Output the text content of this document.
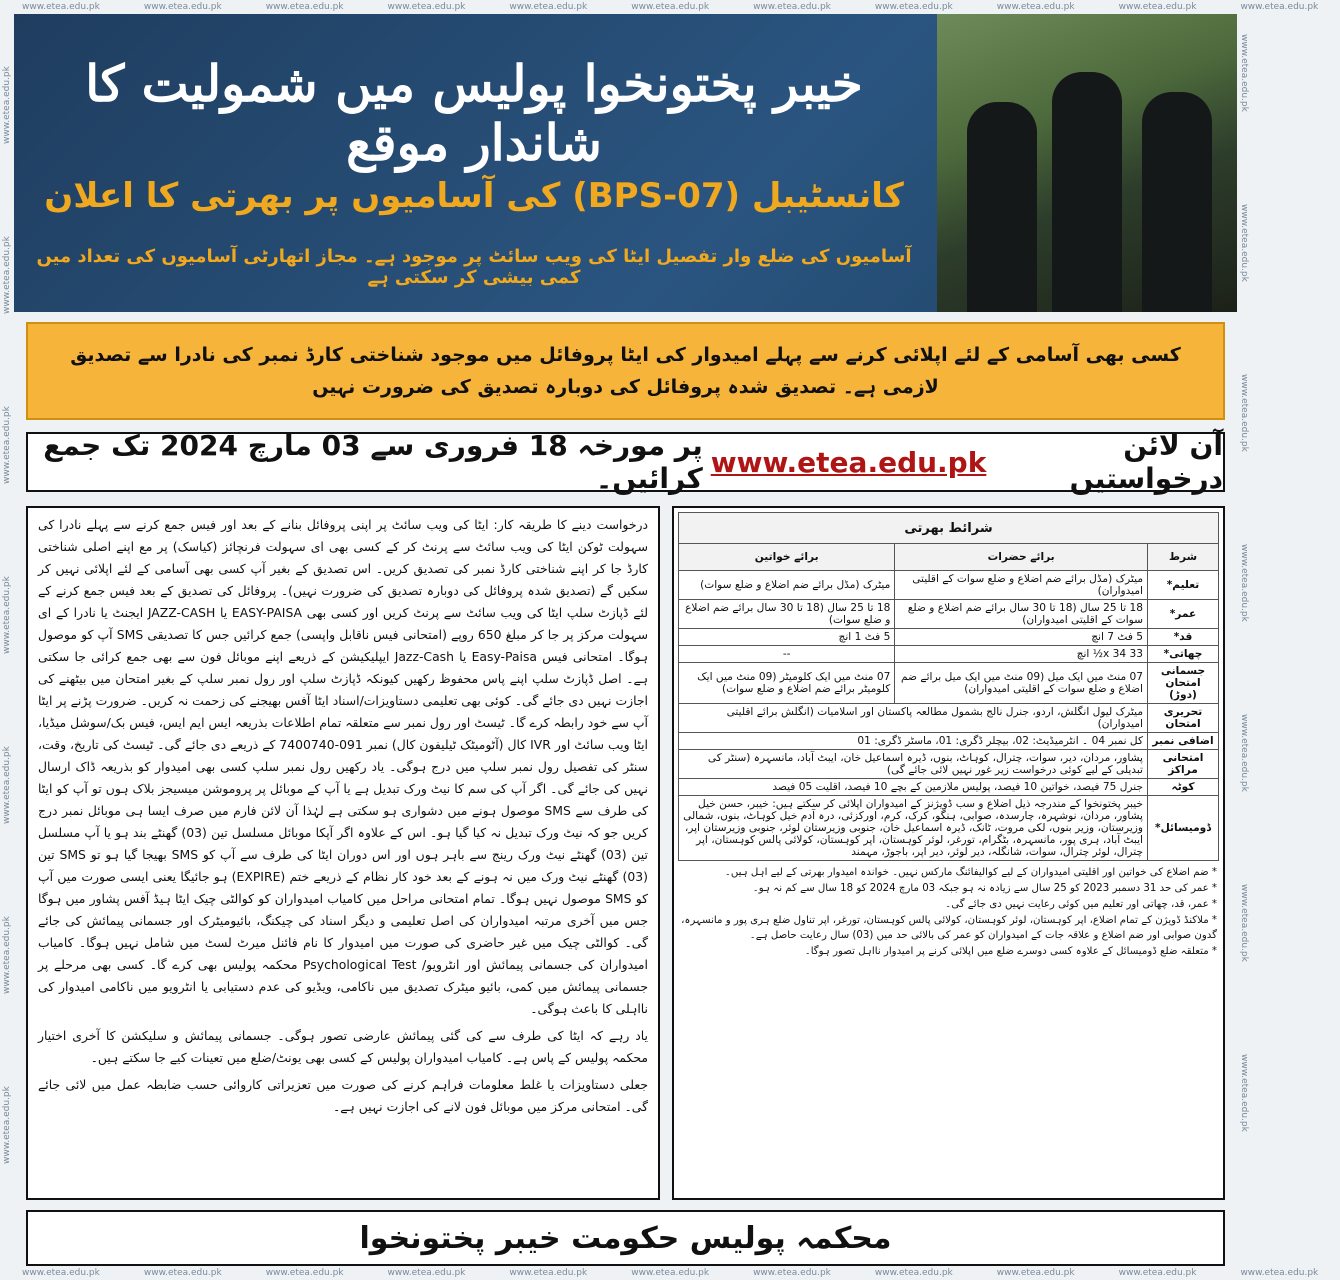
www.etea.edu.pk	www.etea.edu.pk	www.etea.edu.pk	www.etea.edu.pk	www.etea.edu.pk	www.etea.edu.pk	www.etea.edu.pk	www.etea.edu.pk	www.etea.edu.pk	www.etea.edu.pk	www.etea.edu.pk
www.etea.edu.pk	www.etea.edu.pk	www.etea.edu.pk	www.etea.edu.pk	www.etea.edu.pk	www.etea.edu.pk	www.etea.edu.pk	www.etea.edu.pk	www.etea.edu.pk	www.etea.edu.pk	www.etea.edu.pk
www.etea.edu.pk
www.etea.edu.pk
www.etea.edu.pk
www.etea.edu.pk
www.etea.edu.pk
www.etea.edu.pk
www.etea.edu.pk
www.etea.edu.pk
www.etea.edu.pk
www.etea.edu.pk
www.etea.edu.pk
www.etea.edu.pk
www.etea.edu.pk
www.etea.edu.pk
خیبر پختونخوا پولیس میں شمولیت کا شاندار موقع
کانسٹیبل (BPS-07) کی آسامیوں پر بھرتی کا اعلان
آسامیوں کی ضلع وار تفصیل ایٹا کی ویب سائٹ پر موجود ہے۔ مجاز اتھارٹی آسامیوں کی تعداد میں کمی بیشی کر سکتی ہے

کسی بھی آسامی کے لئے اپلائی کرنے سے پہلے امیدوار کی ایٹا پروفائل میں موجود شناختی کارڈ نمبر کی نادرا سے تصدیق لازمی ہے۔ تصدیق شدہ پروفائل کی دوبارہ تصدیق کی ضرورت نہیں

آن لائن درخواستیں
www.etea.edu.pk
پر مورخہ 18 فروری سے 03 مارچ 2024 تک جمع کرائیں۔

درخواست دینے کا طریقہ کار: ایٹا کی ویب سائٹ پر اپنی پروفائل بنانے کے بعد اور فیس جمع کرنے سے پہلے نادرا کی سہولت ٹوکن ایٹا کی ویب سائٹ سے پرنٹ کر کے کسی بھی ای سہولت فرنچائز (کیاسک) پر مع اپنے اصلی شناختی کارڈ جا کر اپنے شناختی کارڈ نمبر کی تصدیق کریں۔ اس تصدیق کے بغیر آپ کسی بھی آسامی کے لئے اپلائی نہیں کر سکیں گے (تصدیق شدہ پروفائل کی دوبارہ تصدیق کی ضرورت نہیں)۔ پروفائل کی تصدیق کے بعد فیس جمع کرنے کے لئے ڈپازٹ سلپ ایٹا کی ویب سائٹ سے پرنٹ کریں اور کسی بھی EASY-PAISA یا JAZZ-CASH ایجنٹ یا نادرا کے ای سہولت مرکز پر جا کر مبلغ 650 روپے (امتحانی فیس ناقابل واپسی) جمع کرائیں جس کا تصدیقی SMS آپ کو موصول ہوگا۔ امتحانی فیس Easy-Paisa یا Jazz-Cash ایپلیکیشن کے ذریعے اپنے موبائل فون سے بھی جمع کرائی جا سکتی ہے۔ اصل ڈپازٹ سلپ اپنے پاس محفوظ رکھیں کیونکہ ڈپازٹ سلپ اور رول نمبر سلپ کے بغیر امتحان میں بیٹھنے کی اجازت نہیں دی جائے گی۔ کوئی بھی تعلیمی دستاویزات/اسناد ایٹا آفس بھیجنے کی زحمت نہ کریں۔ ضرورت پڑنے پر ایٹا آپ سے خود رابطہ کرے گا۔ ٹیسٹ اور رول نمبر سے متعلقہ تمام اطلاعات بذریعہ ایس ایم ایس، فیس بک/سوشل میڈیا، ایٹا ویب سائٹ اور IVR کال (آٹومیٹک ٹیلیفون کال) نمبر 091-7400740 کے ذریعے دی جائے گی۔ ٹیسٹ کی تاریخ، وقت، سنٹر کی تفصیل رول نمبر سلپ میں درج ہوگی۔ یاد رکھیں رول نمبر سلپ کسی بھی امیدوار کو بذریعہ ڈاک ارسال نہیں کی جائے گی۔ اگر آپ کی سم کا نیٹ ورک تبدیل ہے یا آپ کے موبائل پر پروموشن میسیجز بلاک ہوں تو آپ کو ایٹا کی طرف سے SMS موصول ہونے میں دشواری ہو سکتی ہے لہٰذا آن لائن فارم میں صرف ایسا ہی موبائل نمبر درج کریں جو کہ نیٹ ورک تبدیل نہ کیا گیا ہو۔ اس کے علاوہ اگر آپکا موبائل مسلسل تین (03) گھنٹے بند ہو یا آپ مسلسل تین (03) گھنٹے نیٹ ورک رینج سے باہر ہوں اور اس دوران ایٹا کی طرف سے آپ کو SMS بھیجا گیا ہو تو SMS تین (03) گھنٹے نیٹ ورک میں نہ ہونے کے بعد خود کار نظام کے ذریعے ختم (EXPIRE) ہو جائیگا یعنی ایسی صورت میں آپ کو SMS موصول نہیں ہوگا۔ تمام امتحانی مراحل میں کامیاب امیدواران کو کوالٹی چیک ایٹا ہیڈ آفس پشاور میں ہوگا جس میں آخری مرتبہ امیدواران کی اصل تعلیمی و دیگر اسناد کی چیکنگ، بائیومیٹرک اور جسمانی پیمائش کی جائے گی۔ کوالٹی چیک میں غیر حاضری کی صورت میں امیدوار کا نام فائنل میرٹ لسٹ میں شامل نہیں ہوگا۔ کامیاب امیدواران کی جسمانی پیمائش اور انٹرویو/ Psychological Test محکمہ پولیس بھی کرے گا۔ کسی بھی مرحلے پر جسمانی پیمائش میں کمی، بائیو میٹرک تصدیق میں ناکامی، ویڈیو کی عدم دستیابی یا انٹرویو میں ناکامی امیدوار کی نااہلی کا باعث ہوگی۔

یاد رہے کہ ایٹا کی طرف سے کی گئی پیمائش عارضی تصور ہوگی۔ جسمانی پیمائش و سلیکشن کا آخری اختیار محکمہ پولیس کے پاس ہے۔ کامیاب امیدواران پولیس کے کسی بھی یونٹ/ضلع میں تعینات کیے جا سکتے ہیں۔

جعلی دستاویزات یا غلط معلومات فراہم کرنے کی صورت میں تعزیراتی کاروائی حسب ضابطہ عمل میں لائی جائے گی۔ امتحانی مرکز میں موبائل فون لانے کی اجازت نہیں ہے۔

شرائط بھرتی		
شرط	برائے حضرات	برائے خواتین
تعلیم*	میٹرک (مڈل برائے ضم اضلاع و ضلع سوات کے اقلیتی امیدواران)	میٹرک (مڈل برائے ضم اضلاع و ضلع سوات)
عمر*	18 تا 25 سال (18 تا 30 سال برائے ضم اضلاع و ضلع سوات کے اقلیتی امیدواران)	18 تا 25 سال (18 تا 30 سال برائے ضم اضلاع و ضلع سوات)
قد*	5 فٹ 7 انچ	5 فٹ 1 انچ
چھاتی*	33 x 34½ انچ	--
جسمانی امتحان (دوڑ)	07 منٹ میں ایک میل (09 منٹ میں ایک میل برائے ضم اضلاع و ضلع سوات کے اقلیتی امیدواران)	07 منٹ میں ایک کلومیٹر (09 منٹ میں ایک کلومیٹر برائے ضم اضلاع و ضلع سوات)
تحریری امتحان	میٹرک لیول انگلش، اردو، جنرل نالج بشمول مطالعہ پاکستان اور اسلامیات (انگلش برائے اقلیتی امیدواران)	
اضافی نمبر	کل نمبر 04 ۔ انٹرمیڈیٹ: 02، بیچلر ڈگری: 01، ماسٹر ڈگری: 01	
امتحانی مراکز	پشاور، مردان، دیر، سوات، چترال، کوہاٹ، بنوں، ڈیرہ اسماعیل خان، ایبٹ آباد، مانسہرہ (سنٹر کی تبدیلی کے لیے کوئی درخواست زیر غور نہیں لائی جائے گی)	
کوٹہ	جنرل 75 فیصد، خواتین 10 فیصد، پولیس ملازمین کے بچے 10 فیصد، اقلیت 05 فیصد	
ڈومیسائل*	خیبر پختونخوا کے مندرجہ ذیل اضلاع و سب ڈویژنز کے امیدواران اپلائی کر سکتے ہیں: خیبر، حسن خیل پشاور، مردان، نوشہرہ، چارسدہ، صوابی، ہنگو، کرک، کرم، اورکزئی، درہ آدم خیل کوہاٹ، بنوں، شمالی وزیرستان، وزیر بنوں، لکی مروت، ٹانک، ڈیرہ اسماعیل خان، جنوبی وزیرستان لوئر، جنوبی وزیرستان اپر، ایبٹ آباد، ہری پور، مانسہرہ، بٹگرام، تورغر، لوئر کوہستان، اپر کوہستان، کولائی پالس کوہستان، اپر چترال، لوئر چترال، سوات، شانگلہ، دیر لوئر، دیر اپر، باجوڑ، مہمند	
* ضم اضلاع کی خواتین اور اقلیتی امیدواران کے لیے کوالیفائنگ مارکس نہیں۔ خواندہ امیدوار بھرتی کے لیے اہل ہیں۔
* عمر کی حد 31 دسمبر 2023 کو 25 سال سے زیادہ نہ ہو جبکہ 03 مارچ 2024 کو 18 سال سے کم نہ ہو۔
* عمر، قد، چھاتی اور تعلیم میں کوئی رعایت نہیں دی جائے گی۔
* ملاکنڈ ڈویژن کے تمام اضلاع، اپر کوہستان، لوئر کوہستان، کولائی پالس کوہستان، تورغر، اپر تناول ضلع ہری پور و مانسہرہ، گدون صوابی اور ضم اضلاع و علاقہ جات کے امیدواران کو عمر کی بالائی حد میں (03) سال رعایت حاصل ہے۔
* متعلقہ ضلع ڈومیسائل کے علاوہ کسی دوسرے ضلع میں اپلائی کرنے پر امیدوار نااہل تصور ہوگا۔
محکمہ پولیس حکومت خیبر پختونخوا
